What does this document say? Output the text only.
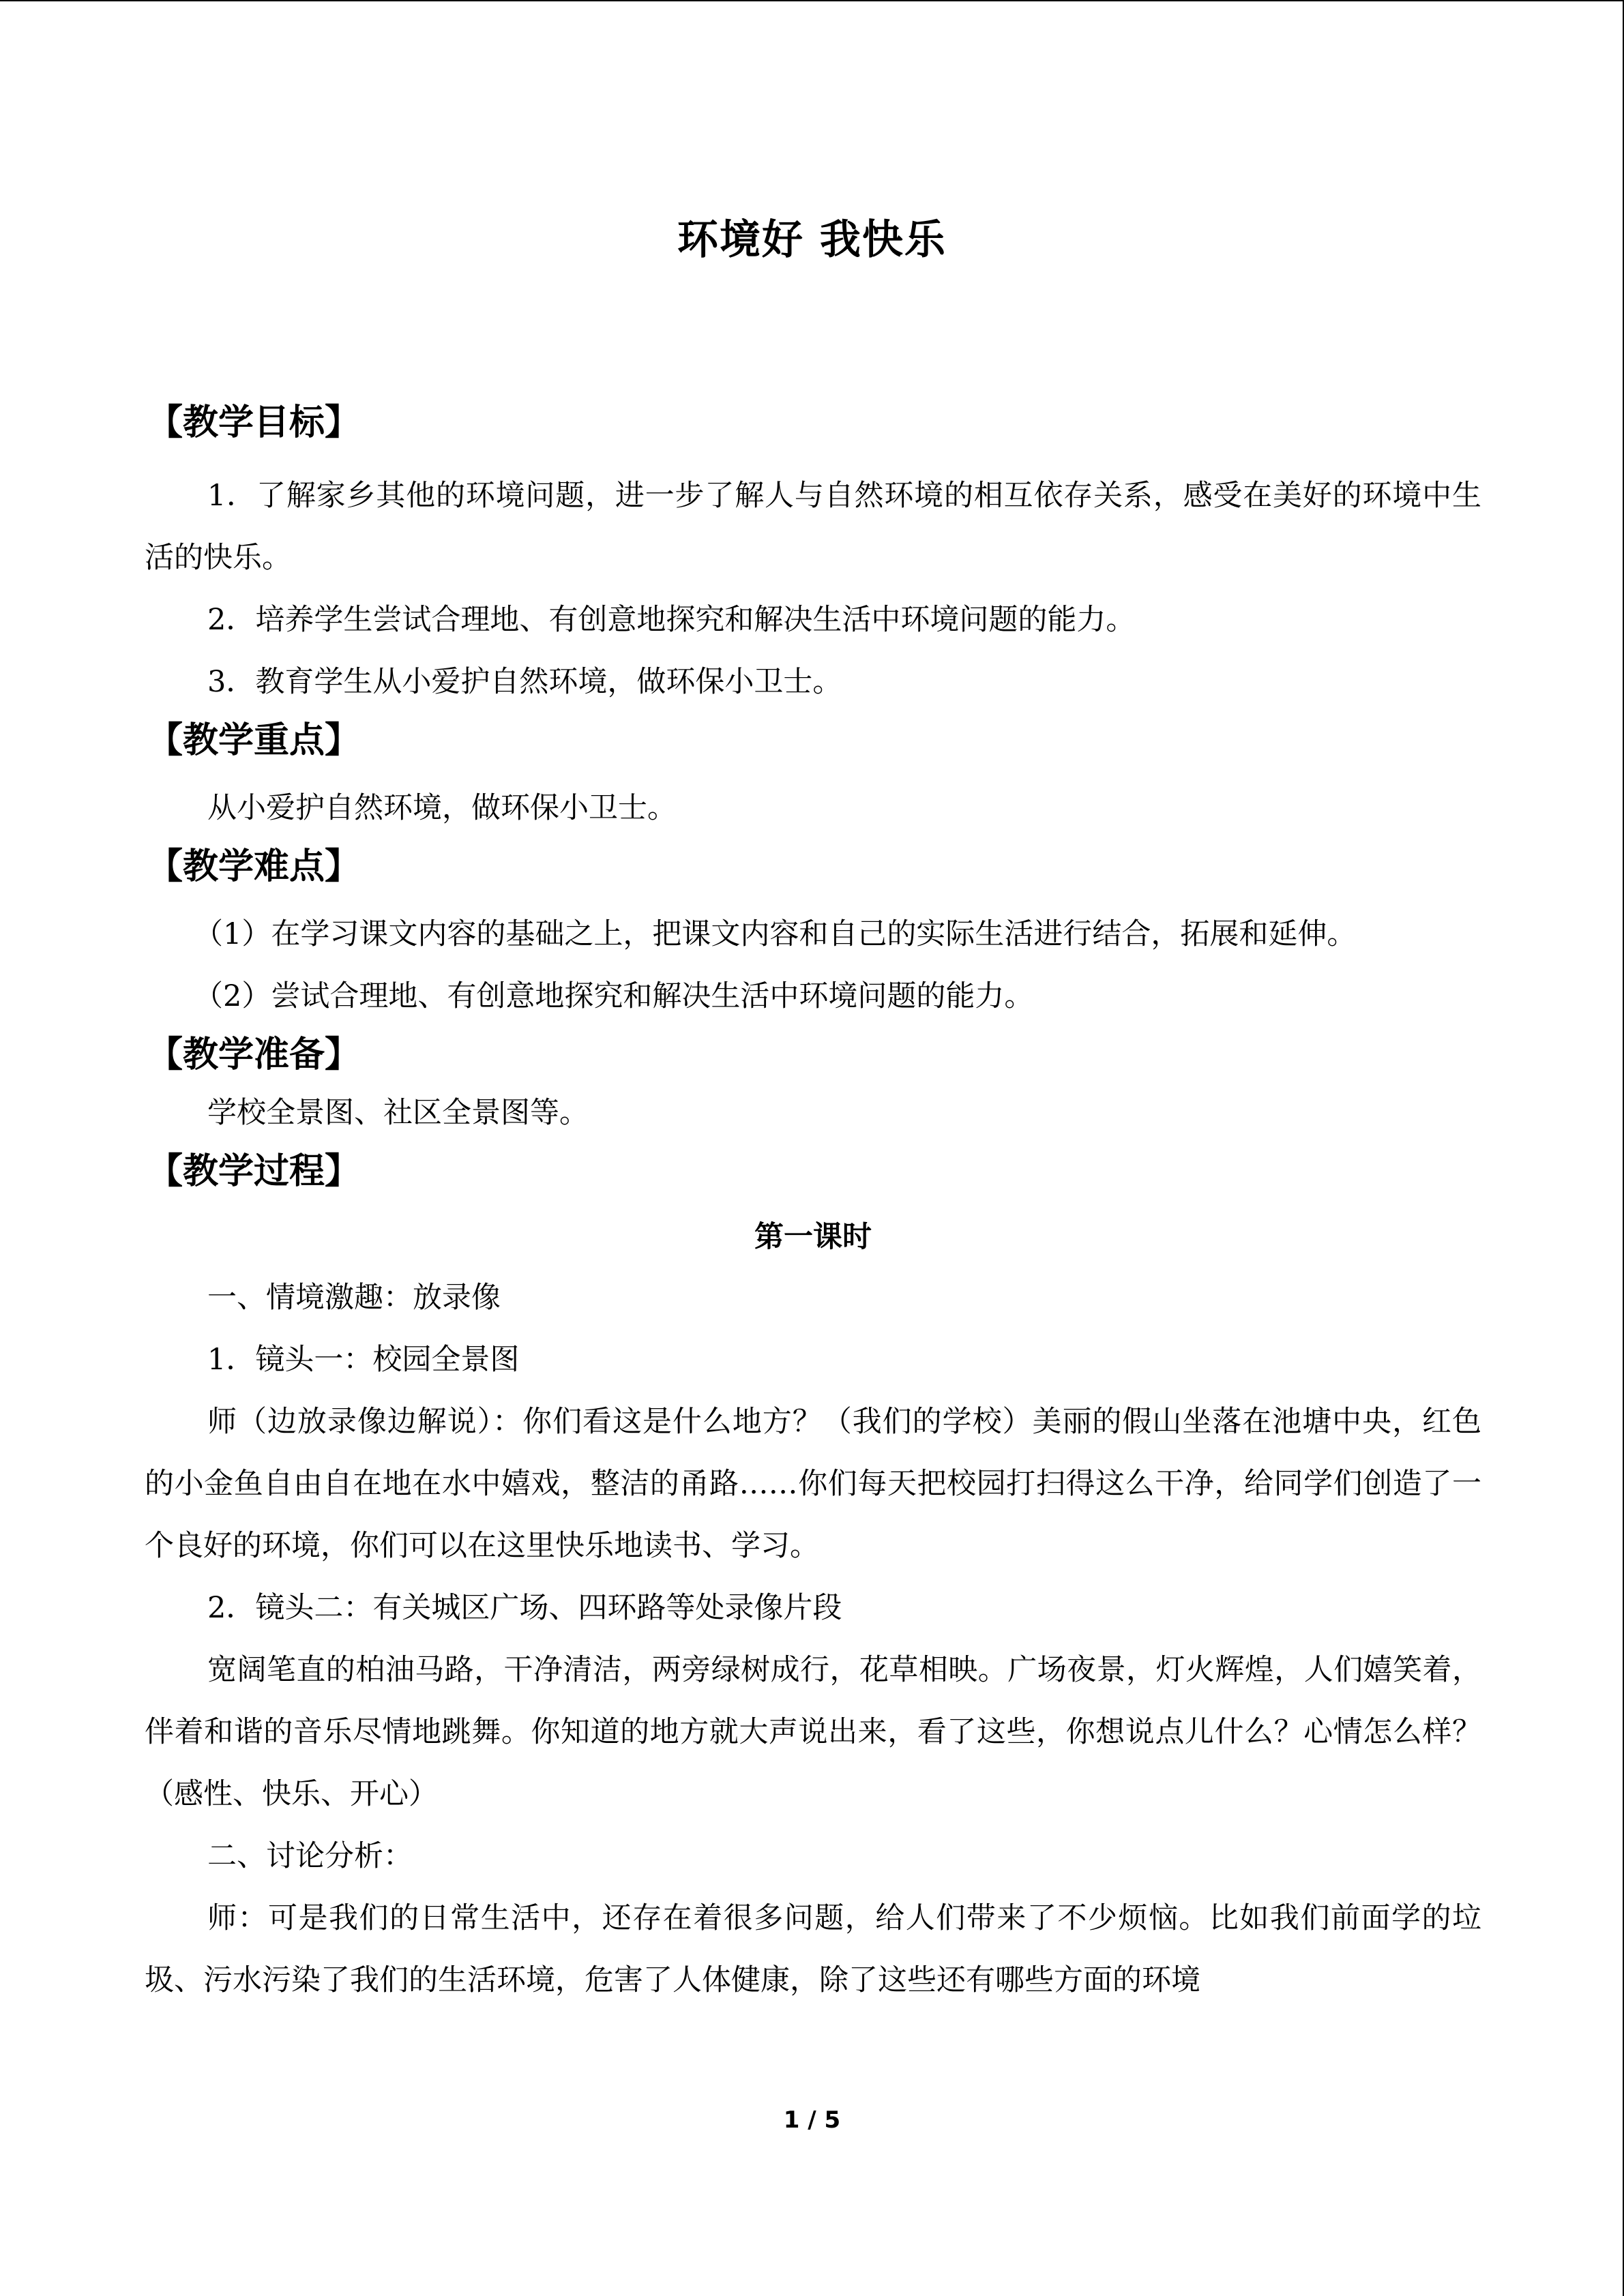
环境好 我快乐
【教学目标】
1．了解家乡其他的环境问题，进一步了解人与自然环境的相互依存关系，感受在美好的环境中生活的快乐。
2．培养学生尝试合理地、有创意地探究和解决生活中环境问题的能力。
3．教育学生从小爱护自然环境，做环保小卫士。
【教学重点】
从小爱护自然环境，做环保小卫士。
【教学难点】
（1）在学习课文内容的基础之上，把课文内容和自己的实际生活进行结合，拓展和延伸。
（2）尝试合理地、有创意地探究和解决生活中环境问题的能力。
【教学准备】
学校全景图、社区全景图等。
【教学过程】
第一课时
一、情境激趣：放录像
1．镜头一：校园全景图
师（边放录像边解说）：你们看这是什么地方？（我们的学校）美丽的假山坐落在池塘中央，红色的小金鱼自由自在地在水中嬉戏，整洁的甬路……你们每天把校园打扫得这么干净，给同学们创造了一个良好的环境，你们可以在这里快乐地读书、学习。
2．镜头二：有关城区广场、四环路等处录像片段
宽阔笔直的柏油马路，干净清洁，两旁绿树成行，花草相映。广场夜景，灯火辉煌，人们嬉笑着，伴着和谐的音乐尽情地跳舞。你知道的地方就大声说出来，看了这些，你想说点儿什么？心情怎么样？（感性、快乐、开心）
二、讨论分析：
师：可是我们的日常生活中，还存在着很多问题，给人们带来了不少烦恼。比如我们前面学的垃圾、污水污染了我们的生活环境，危害了人体健康，除了这些还有哪些方面的环境
1 / 5
